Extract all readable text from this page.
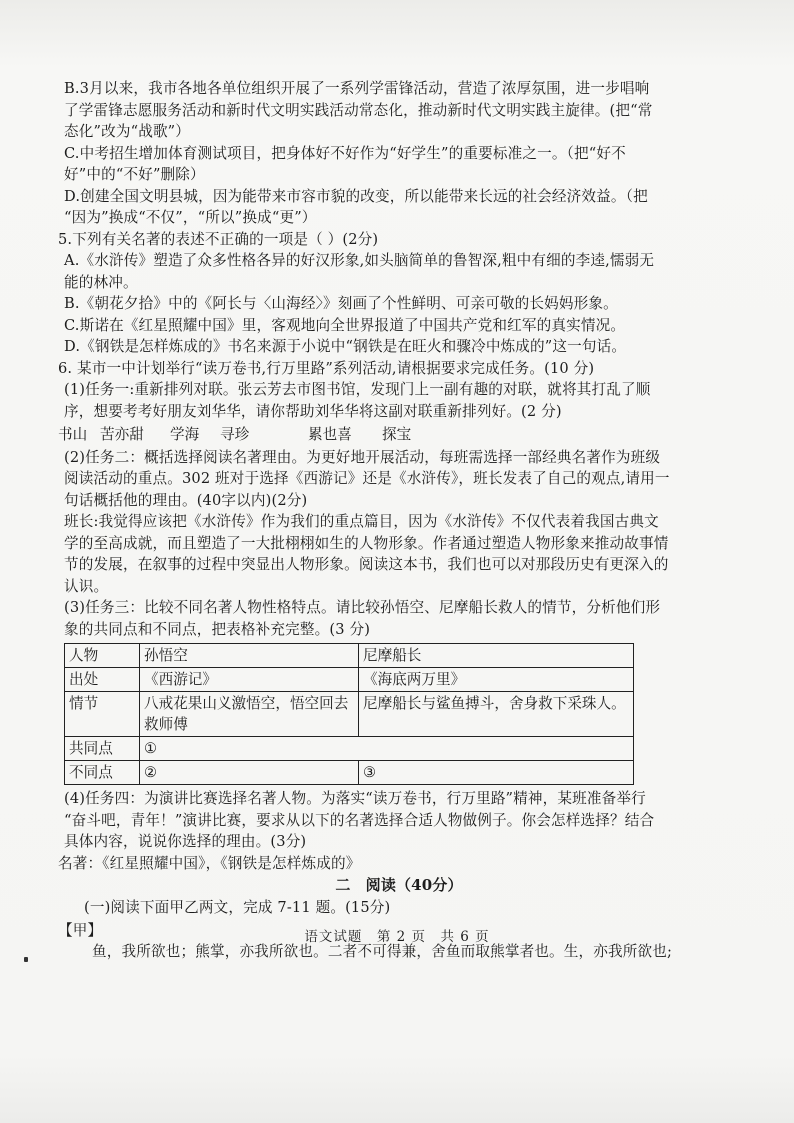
B.3月以来，我市各地各单位组织开展了一系列学雷锋活动，营造了浓厚氛围，进一步唱响

了学雷锋志愿服务活动和新时代文明实践活动常态化，推动新时代文明实践主旋律。(把“常

态化”改为“战歌”）

C.中考招生增加体育测试项目，把身体好不好作为“好学生”的重要标准之一。（把“好不

好”中的“不好”删除）

D.创建全国文明县城，因为能带来市容市貌的改变，所以能带来长远的社会经济效益。（把

“因为”换成“不仅”，“所以”换成“更”）

5.下列有关名著的表述不正确的一项是（ ）(2分)

A.《水浒传》塑造了众多性格各异的好汉形象,如头脑简单的鲁智深,粗中有细的李逵,懦弱无

能的林冲。

B.《朝花夕拾》中的《阿长与〈山海经〉》刻画了个性鲜明、可亲可敬的长妈妈形象。

C.斯诺在《红星照耀中国》里，客观地向全世界报道了中国共产党和红军的真实情况。

D.《钢铁是怎样炼成的》书名来源于小说中“钢铁是在旺火和骤冷中炼成的”这一句话。

6. 某市一中计划举行“读万卷书,行万里路”系列活动,请根据要求完成任务。(10 分)

(1)任务一:重新排列对联。张云芳去市图书馆，发现门上一副有趣的对联，就将其打乱了顺

序，想要考考好朋友刘华华，请你帮助刘华华将这副对联重新排列好。(2 分)

书山 苦亦甜	学海	寻珍	累也喜	探宝

(2)任务二：概括选择阅读名著理由。为更好地开展活动，每班需选择一部经典名著作为班级

阅读活动的重点。302 班对于选择《西游记》还是《水浒传》，班长发表了自己的观点,请用一

句话概括他的理由。(40字以内)(2分)

班长:我觉得应该把《水浒传》作为我们的重点篇目，因为《水浒传》不仅代表着我国古典文

学的至高成就，而且塑造了一大批栩栩如生的人物形象。作者通过塑造人物形象来推动故事情

节的发展，在叙事的过程中突显出人物形象。阅读这本书，我们也可以对那段历史有更深入的

认识。

(3)任务三：比较不同名著人物性格特点。请比较孙悟空、尼摩船长救人的情节，分析他们形

象的共同点和不同点，把表格补充完整。(3 分)

人物	孙悟空	尼摩船长
出处	《西游记》	《海底两万里》
情节	八戒花果山义激悟空，悟空回去救师傅	尼摩船长与鲨鱼搏斗，舍身救下采珠人。
共同点	①	
不同点	②	③

(4)任务四：为演讲比赛选择名著人物。为落实“读万卷书，行万里路”精神，某班准备举行

“奋斗吧，青年！”演讲比赛，要求从以下的名著选择合适人物做例子。你会怎样选择？结合

具体内容，说说你选择的理由。(3分)

名著：《红星照耀中国》，《钢铁是怎样炼成的》

二　阅读（40分）

(一)阅读下面甲乙两文，完成 7-11 题。(15分)

【甲】

鱼，我所欲也；熊掌，亦我所欲也。二者不可得兼，舍鱼而取熊掌者也。生，亦我所欲也;

语文试题　第 2 页　共 6 页
